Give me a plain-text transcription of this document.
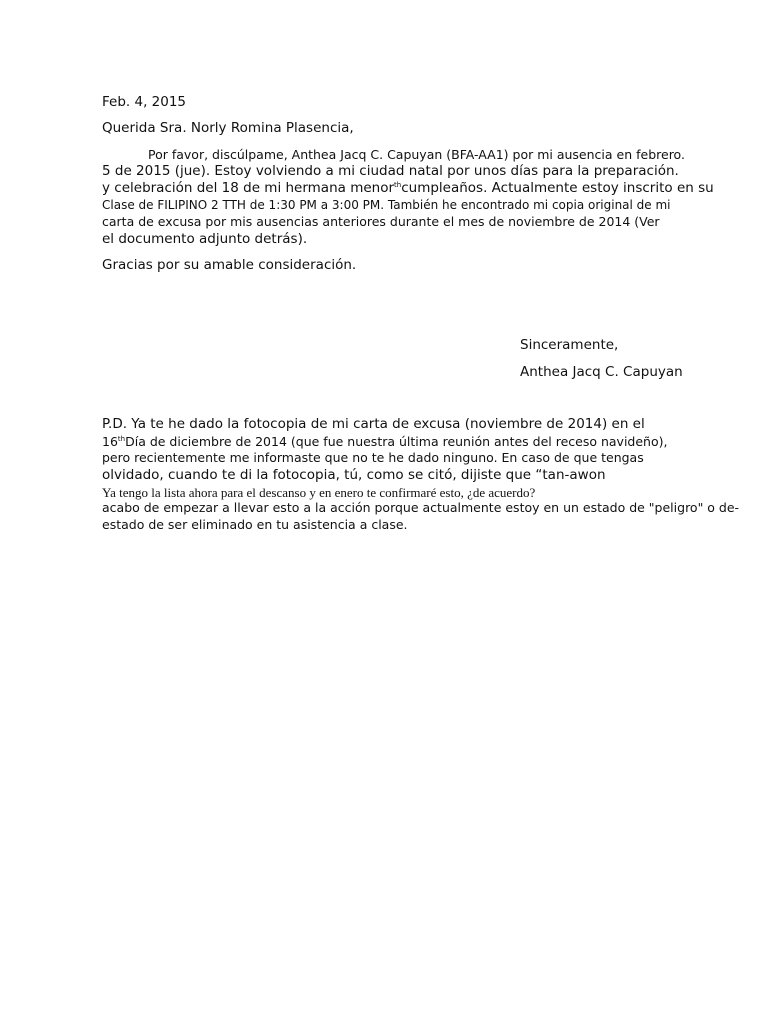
Feb. 4, 2015
Querida Sra. Norly Romina Plasencia,
Por favor, discúlpame, Anthea Jacq C. Capuyan (BFA-AA1) por mi ausencia en febrero.
5 de 2015 (jue). Estoy volviendo a mi ciudad natal por unos días para la preparación.
y celebración del 18 de mi hermana menor$^{th}$cumpleaños. Actualmente estoy inscrito en su
Clase de FILIPINO 2 TTH de 1:30 PM a 3:00 PM. También he encontrado mi copia original de mi
carta de excusa por mis ausencias anteriores durante el mes de noviembre de 2014 (Ver
el documento adjunto detrás).
Gracias por su amable consideración.
Sinceramente,
Anthea Jacq C. Capuyan
P.D. Ya te he dado la fotocopia de mi carta de excusa (noviembre de 2014) en el
16thDía de diciembre de 2014 (que fue nuestra última reunión antes del receso navideño),
pero recientemente me informaste que no te he dado ninguno. En caso de que tengas
olvidado, cuando te di la fotocopia, tú, como se citó, dijiste que “tan-awon
Ya tengo la lista ahora para el descanso y en enero te confirmaré esto, ¿de acuerdo?
acabo de empezar a llevar esto a la acción porque actualmente estoy en un estado de "peligro" o de-
estado de ser eliminado en tu asistencia a clase.
